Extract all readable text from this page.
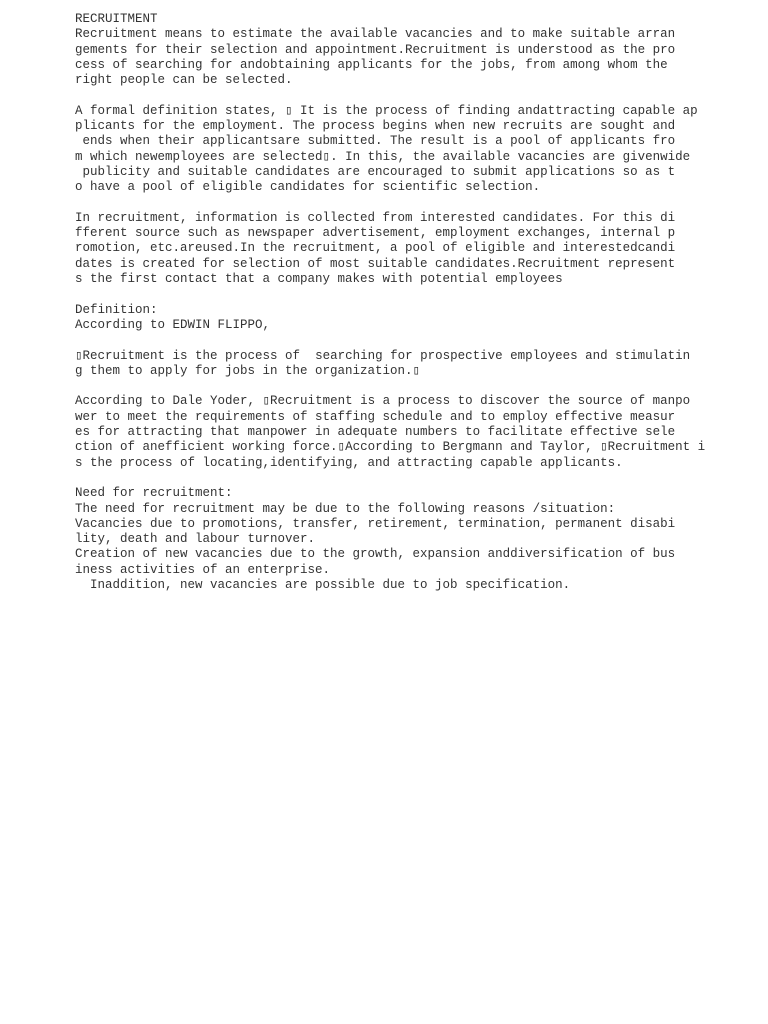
RECRUITMENT
Recruitment means to estimate the available vacancies and to make suitable arran
gements for their selection and appointment.Recruitment is understood as the pro
cess of searching for andobtaining applicants for the jobs, from among whom the
right people can be selected.
A formal definition states, ▯ It is the process of finding andattracting capable ap
plicants for the employment. The process begins when new recruits are sought and
ends when their applicantsare submitted. The result is a pool of applicants fro
m which newemployees are selected▯. In this, the available vacancies are givenwide
publicity and suitable candidates are encouraged to submit applications so as t
o have a pool of eligible candidates for scientific selection.
In recruitment, information is collected from interested candidates. For this di
fferent source such as newspaper advertisement, employment exchanges, internal p
romotion, etc.areused.In the recruitment, a pool of eligible and interestedcandi
dates is created for selection of most suitable candidates.Recruitment represent
s the first contact that a company makes with potential employees
Definition:
According to EDWIN FLIPPO,
▯Recruitment is the process of  searching for prospective employees and stimulatin
g them to apply for jobs in the organization.▯
According to Dale Yoder, ▯Recruitment is a process to discover the source of manpo
wer to meet the requirements of staffing schedule and to employ effective measur
es for attracting that manpower in adequate numbers to facilitate effective sele
ction of anefficient working force.▯According to Bergmann and Taylor, ▯Recruitment i
s the process of locating,identifying, and attracting capable applicants.
Need for recruitment:
The need for recruitment may be due to the following reasons /situation:
Vacancies due to promotions, transfer, retirement, termination, permanent disabi
lity, death and labour turnover.
Creation of new vacancies due to the growth, expansion anddiversification of bus
iness activities of an enterprise.
Inaddition, new vacancies are possible due to job specification.
